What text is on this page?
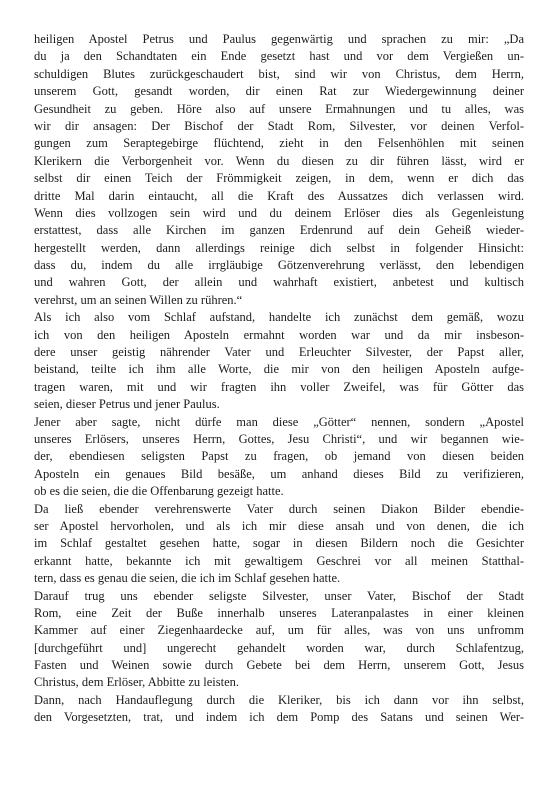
heiligen Apostel Petrus und Paulus gegenwärtig und sprachen zu mir: „Da
du ja den Schandtaten ein Ende gesetzt hast und vor dem Vergießen un-
schuldigen Blutes zurückgeschaudert bist, sind wir von Christus, dem Herrn,
unserem Gott, gesandt worden, dir einen Rat zur Wiedergewinnung deiner
Gesundheit zu geben. Höre also auf unsere Ermahnungen und tu alles, was
wir dir ansagen: Der Bischof der Stadt Rom, Silvester, vor deinen Verfol-
gungen zum Seraptegebirge flüchtend, zieht in den Felsenhöhlen mit seinen
Klerikern die Verborgenheit vor. Wenn du diesen zu dir führen lässt, wird er
selbst dir einen Teich der Frömmigkeit zeigen, in dem, wenn er dich das
dritte Mal darin eintaucht, all die Kraft des Aussatzes dich verlassen wird.
Wenn dies vollzogen sein wird und du deinem Erlöser dies als Gegenleistung
erstattest, dass alle Kirchen im ganzen Erdenrund auf dein Geheiß wieder-
hergestellt werden, dann allerdings reinige dich selbst in folgender Hinsicht:
dass du, indem du alle irrgläubige Götzenverehrung verlässt, den lebendigen
und wahren Gott, der allein und wahrhaft existiert, anbetest und kultisch
verehrst, um an seinen Willen zu rühren.“
Als ich also vom Schlaf aufstand, handelte ich zunächst dem gemäß, wozu
ich von den heiligen Aposteln ermahnt worden war und da mir insbeson-
dere unser geistig nährender Vater und Erleuchter Silvester, der Papst aller,
beistand, teilte ich ihm alle Worte, die mir von den heiligen Aposteln aufge-
tragen waren, mit und wir fragten ihn voller Zweifel, was für Götter das
seien, dieser Petrus und jener Paulus.
Jener aber sagte, nicht dürfe man diese „Götter“ nennen, sondern „Apostel
unseres Erlösers, unseres Herrn, Gottes, Jesu Christi“, und wir begannen wie-
der, ebendiesen seligsten Papst zu fragen, ob jemand von diesen beiden
Aposteln ein genaues Bild besäße, um anhand dieses Bild zu verifizieren,
ob es die seien, die die Offenbarung gezeigt hatte.
Da ließ ebender verehrenswerte Vater durch seinen Diakon Bilder ebendie-
ser Apostel hervorholen, und als ich mir diese ansah und von denen, die ich
im Schlaf gestaltet gesehen hatte, sogar in diesen Bildern noch die Gesichter
erkannt hatte, bekannte ich mit gewaltigem Geschrei vor all meinen Statthal-
tern, dass es genau die seien, die ich im Schlaf gesehen hatte.
Darauf trug uns ebender seligste Silvester, unser Vater, Bischof der Stadt
Rom, eine Zeit der Buße innerhalb unseres Lateranpalastes in einer kleinen
Kammer auf einer Ziegenhaardecke auf, um für alles, was von uns unfromm
[durchgeführt und] ungerecht gehandelt worden war, durch Schlafentzug,
Fasten und Weinen sowie durch Gebete bei dem Herrn, unserem Gott, Jesus
Christus, dem Erlöser, Abbitte zu leisten.
Dann, nach Handauflegung durch die Kleriker, bis ich dann vor ihn selbst,
den Vorgesetzten, trat, und indem ich dem Pomp des Satans und seinen Wer-
